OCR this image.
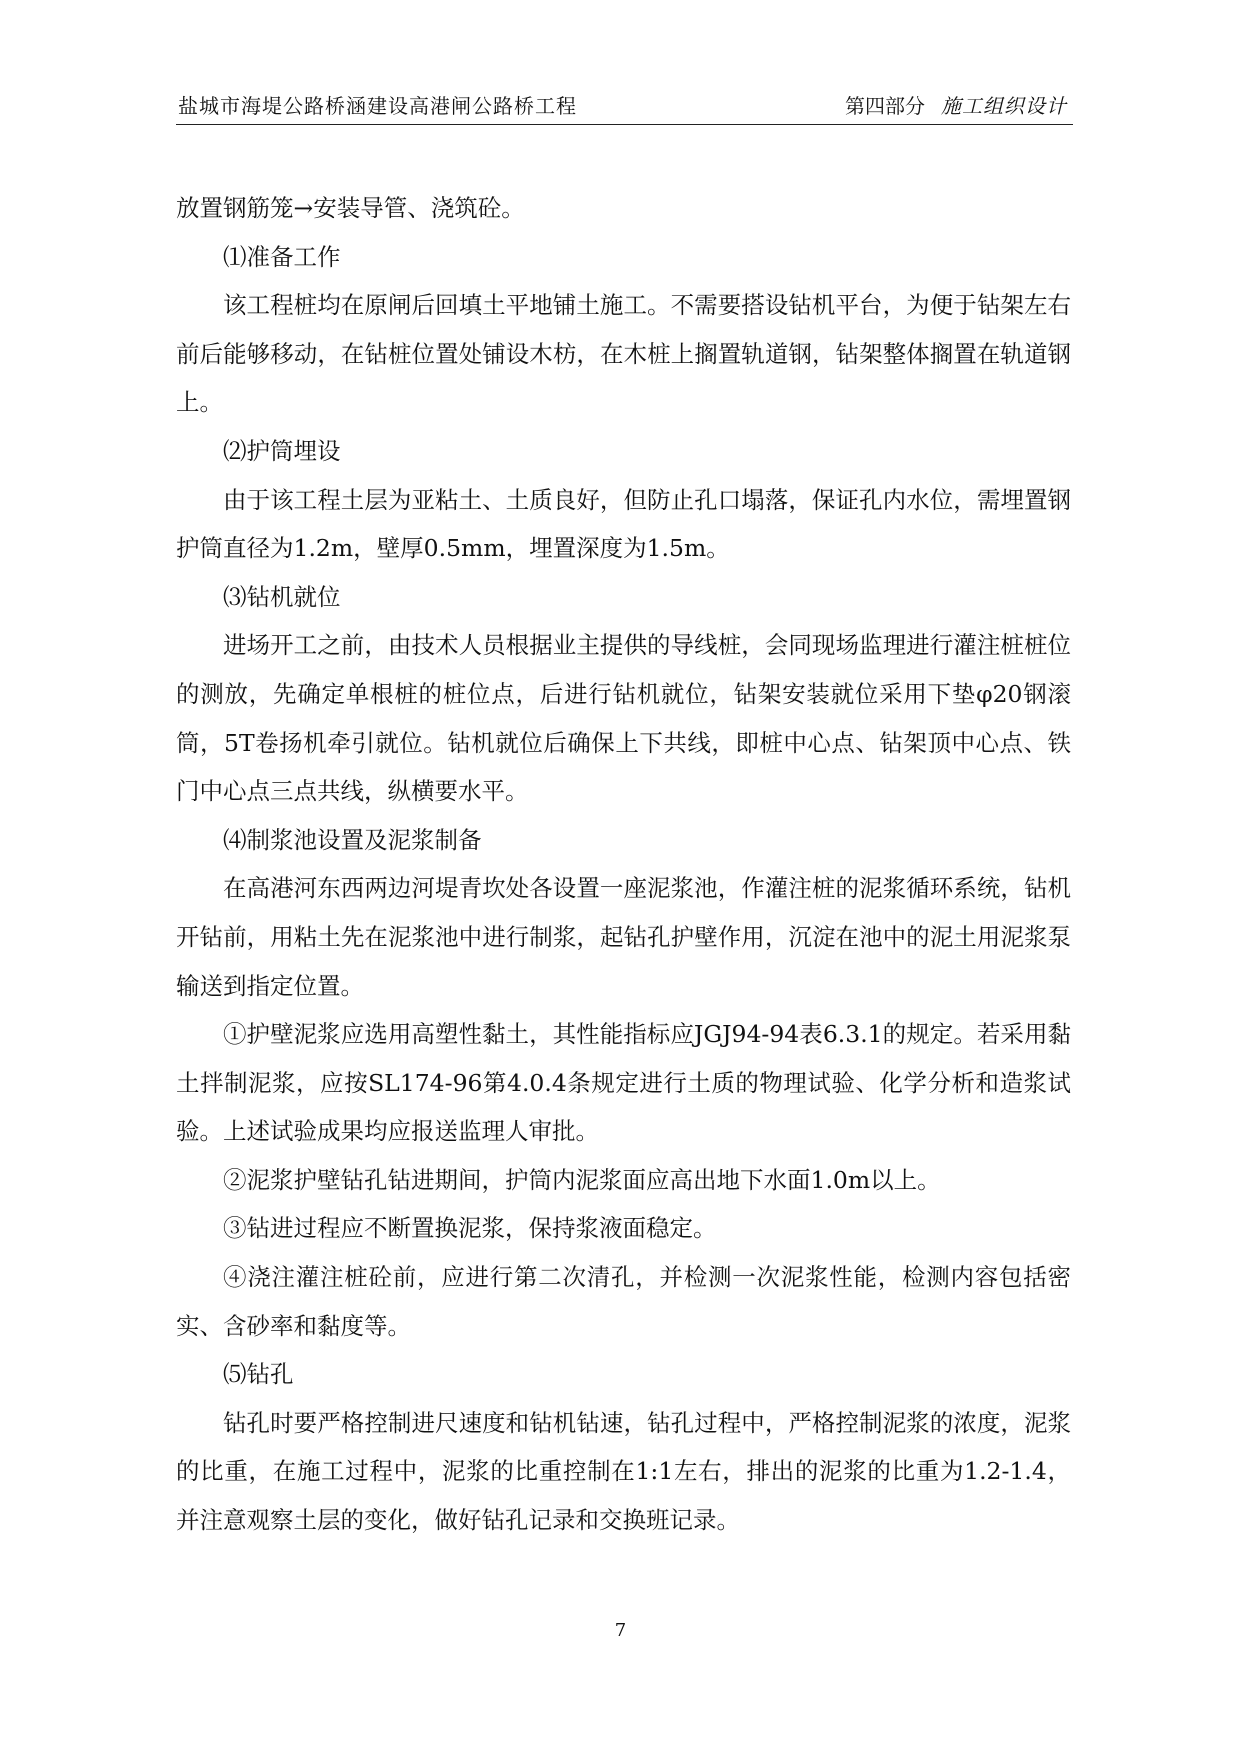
盐城市海堤公路桥涵建设高港闸公路桥工程	第四部分 施工组织设计

放置钢筋笼→安装导管、浇筑砼。

⑴准备工作

该工程桩均在原闸后回填土平地铺土施工。不需要搭设钻机平台，为便于钻架左右前后能够移动，在钻桩位置处铺设木枋，在木桩上搁置轨道钢，钻架整体搁置在轨道钢上。

⑵护筒埋设

由于该工程土层为亚粘土、土质良好，但防止孔口塌落，保证孔内水位，需埋置钢护筒直径为1.2m，壁厚0.5mm，埋置深度为1.5m。

⑶钻机就位

进场开工之前，由技术人员根据业主提供的导线桩，会同现场监理进行灌注桩桩位的测放，先确定单根桩的桩位点，后进行钻机就位，钻架安装就位采用下垫φ20钢滚筒，5T卷扬机牵引就位。钻机就位后确保上下共线，即桩中心点、钻架顶中心点、铁门中心点三点共线，纵横要水平。

⑷制浆池设置及泥浆制备

在高港河东西两边河堤青坎处各设置一座泥浆池，作灌注桩的泥浆循环系统，钻机开钻前，用粘土先在泥浆池中进行制浆，起钻孔护壁作用，沉淀在池中的泥土用泥浆泵输送到指定位置。

①护壁泥浆应选用高塑性黏土，其性能指标应JGJ94-94表6.3.1的规定。若采用黏土拌制泥浆，应按SL174-96第4.0.4条规定进行土质的物理试验、化学分析和造浆试验。上述试验成果均应报送监理人审批。

②泥浆护壁钻孔钻进期间，护筒内泥浆面应高出地下水面1.0m以上。

③钻进过程应不断置换泥浆，保持浆液面稳定。

④浇注灌注桩砼前，应进行第二次清孔，并检测一次泥浆性能，检测内容包括密实、含砂率和黏度等。

⑸钻孔

钻孔时要严格控制进尺速度和钻机钻速，钻孔过程中，严格控制泥浆的浓度，泥浆的比重，在施工过程中，泥浆的比重控制在1:1左右，排出的泥浆的比重为1.2-1.4，并注意观察土层的变化，做好钻孔记录和交换班记录。

7
